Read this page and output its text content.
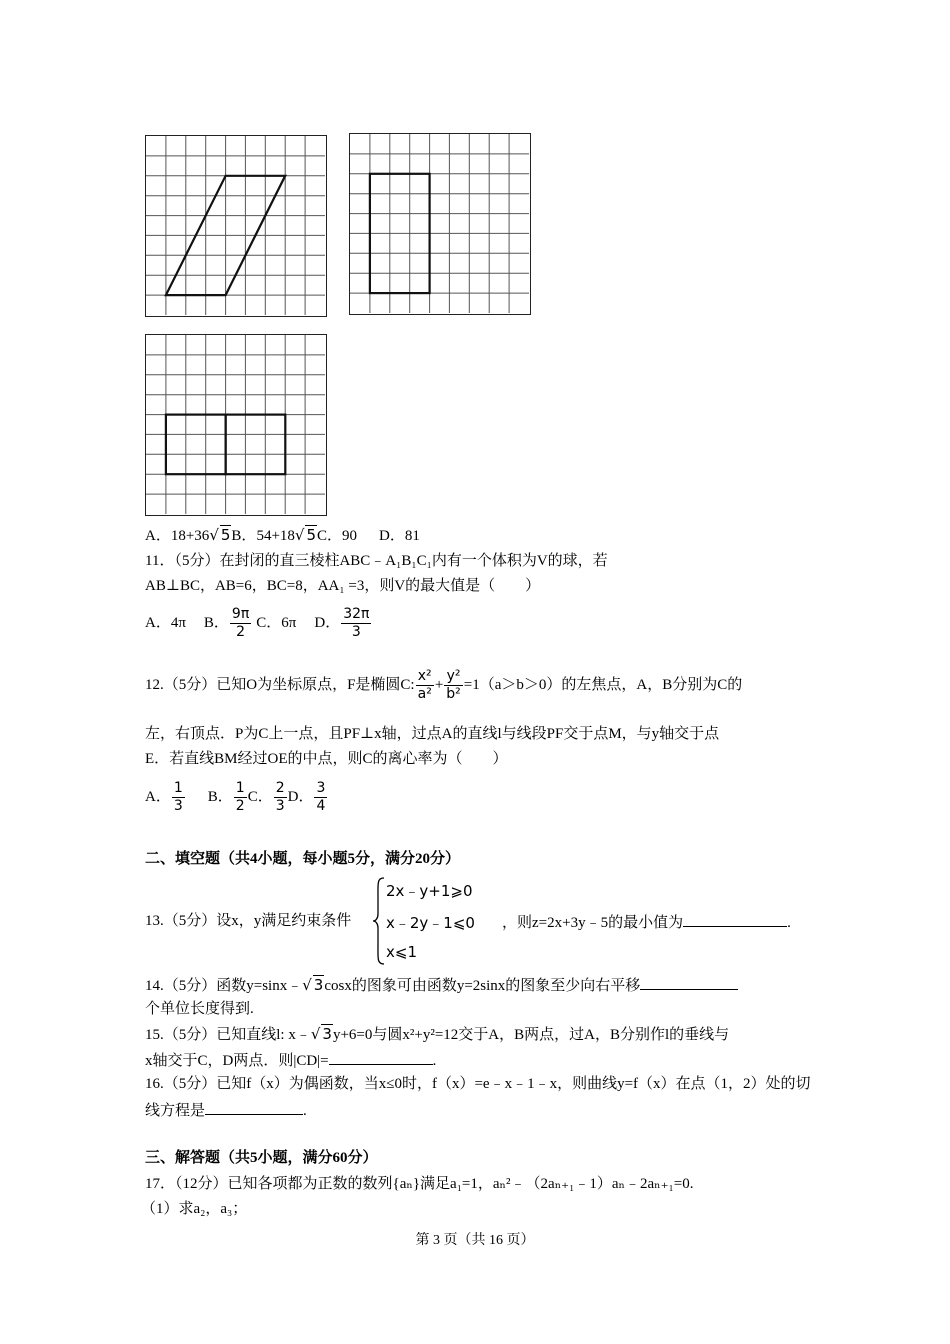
A．18+36√ 5B．54+18√ 5C．90 D．81
11．（5分）在封闭的直三棱柱ABC﹣A₁B₁C₁内有一个体积为V的球，若
AB⊥BC，AB=6，BC=8，AA₁ =3，则V的最大值是（　　）
A．4π B． $\frac{9\pi}{2}$ C．6π D． $\frac{32\pi}{3}$
12.（5分）已知O为坐标原点，F是椭圆C: $\frac{\text{x²}}{\text{a²}} + \frac{\text{y²}}{\text{b²}} =1(a>b>0)$的左焦点，A，B分别为C的
左，右顶点．P为C上一点，且PF⊥x轴，过点A的直线l与线段PF交于点M，与y轴交于点
E．若直线BM经过OE的中点，则C的离心率为（　　）
A． $\frac{1}{3}$ B． $\frac{1}{2}$ C． $\frac{2}{3}$ D． $\frac{3}{4}$
二、填空题（共4小题，每小题5分，满分20分）
13.（5分）设x，y满足约束条件
2x﹣y+1⩾0
x﹣2y﹣1⩽0
x⩽1
，则z=2x+3y﹣5的最小值为	.
14.（5分）函数y=sinx﹣√ 3cosx的图象可由函数y=2sinx的图象至少向右平移
个单位长度得到.
15.（5分）已知直线l: x﹣√ 3y+6=0与圆x²+y²=12交于A，B两点，过A，B分别作l的垂线与
x轴交于C，D两点．则|CD|=	.
16.（5分）已知f（x）为偶函数，当x≤0时，f（x）=e﹣x﹣1﹣x，则曲线y=f（x）在点（1，2）处的切
线方程是	.
三、解答题（共5小题，满分60分）
17．（12分）已知各项都为正数的数列{aₙ}满足a₁=1，aₙ²﹣（2aₙ₊₁﹣1）aₙ﹣2aₙ₊₁=0.
（1）求a₂，a₃；
第 3 页（共 16 页）
